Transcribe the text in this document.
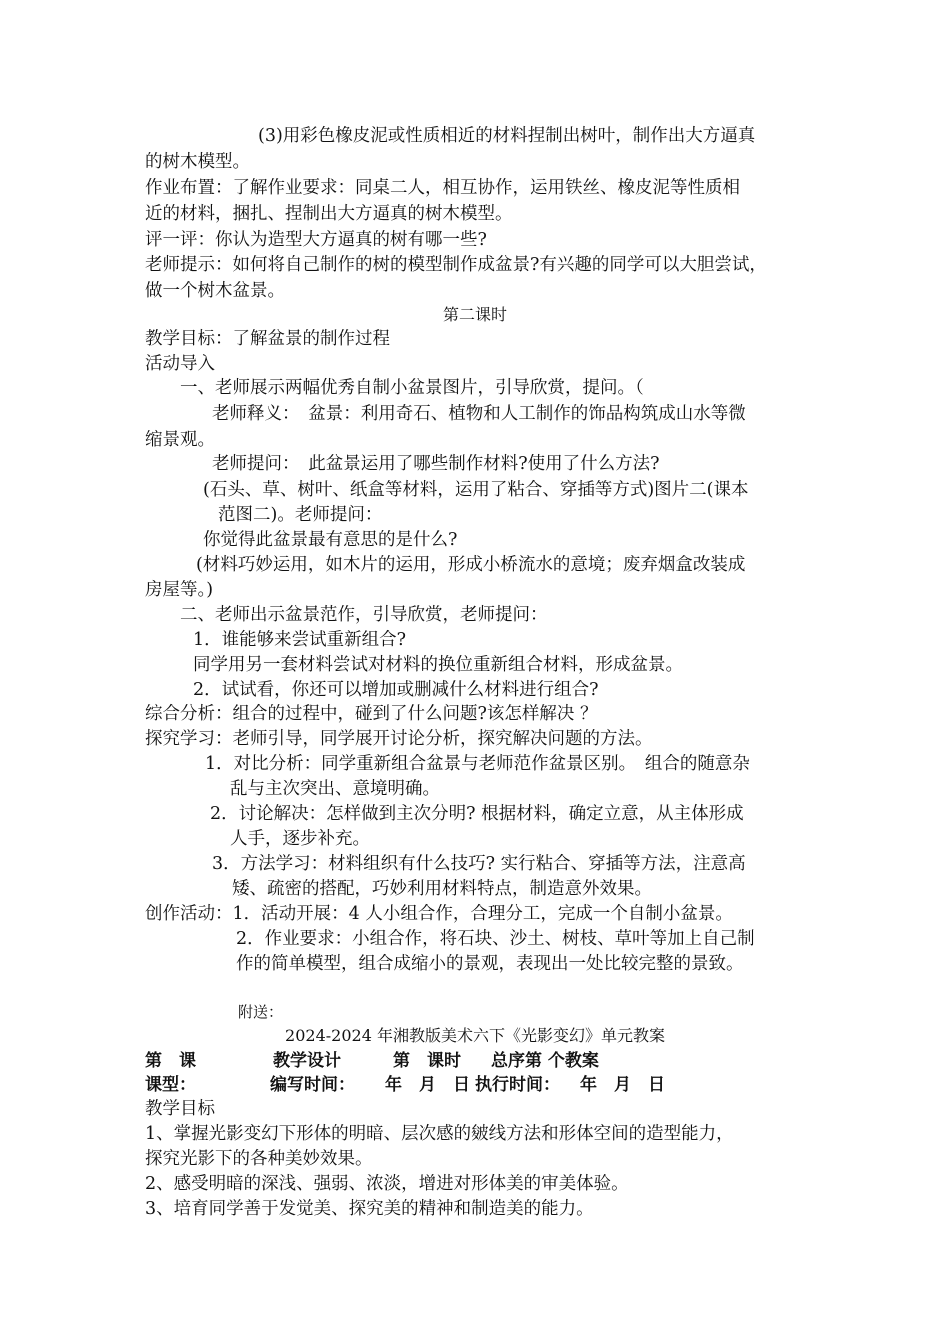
(3)用彩色橡皮泥或性质相近的材料捏制出树叶，制作出大方逼真
的树木模型。
作业布置：了解作业要求：同桌二人，相互协作，运用铁丝、橡皮泥等性质相
近的材料，捆扎、捏制出大方逼真的树木模型。
评一评：你认为造型大方逼真的树有哪一些?
老师提示：如何将自己制作的树的模型制作成盆景?有兴趣的同学可以大胆尝试，
做一个树木盆景。
第二课时
教学目标：了解盆景的制作过程
活动导入
一、老师展示两幅优秀自制小盆景图片，引导欣赏，提问。（
老师释义：　盆景：利用奇石、植物和人工制作的饰品构筑成山水等微
缩景观。
老师提问：　此盆景运用了哪些制作材料?使用了什么方法?
(石头、草、树叶、纸盒等材料，运用了粘合、穿插等方式)图片二(课本
范图二)。老师提问：
你觉得此盆景最有意思的是什么?
(材料巧妙运用，如木片的运用，形成小桥流水的意境；废弃烟盒改装成
房屋等。)
二、老师出示盆景范作，引导欣赏，老师提问：
1．谁能够来尝试重新组合?
同学用另一套材料尝试对材料的换位重新组合材料，形成盆景。
2．试试看，你还可以增加或删减什么材料进行组合?
综合分析：组合的过程中，碰到了什么问题?该怎样解决 ？
探究学习：老师引导，同学展开讨论分析，探究解决问题的方法。
1．对比分析：同学重新组合盆景与老师范作盆景区别。　组合的随意杂
乱与主次突出、意境明确。
2．讨论解决：怎样做到主次分明? 根据材料，确定立意，从主体形成
人手，逐步补充。
3．方法学习：材料组织有什么技巧? 实行粘合、穿插等方法，注意高
矮、疏密的搭配，巧妙利用材料特点，制造意外效果。
创作活动：1．活动开展：4 人小组合作，合理分工，完成一个自制小盆景。
2．作业要求：小组合作，将石块、沙土、树枝、草叶等加上自己制
作的简单模型，组合成缩小的景观，表现出一处比较完整的景致。
附送：
2024-2024 年湘教版美术六下《光影变幻》单元教案
第　课	教学设计	第　课时 总序第 个教案
课型：	编写时间： 年　月　日 执行时间： 年　月　日
教学目标
1、掌握光影变幻下形体的明暗、层次感的皴线方法和形体空间的造型能力，
探究光影下的各种美妙效果。
2、感受明暗的深浅、强弱、浓淡，增进对形体美的审美体验。
3、培育同学善于发觉美、探究美的精神和制造美的能力。
